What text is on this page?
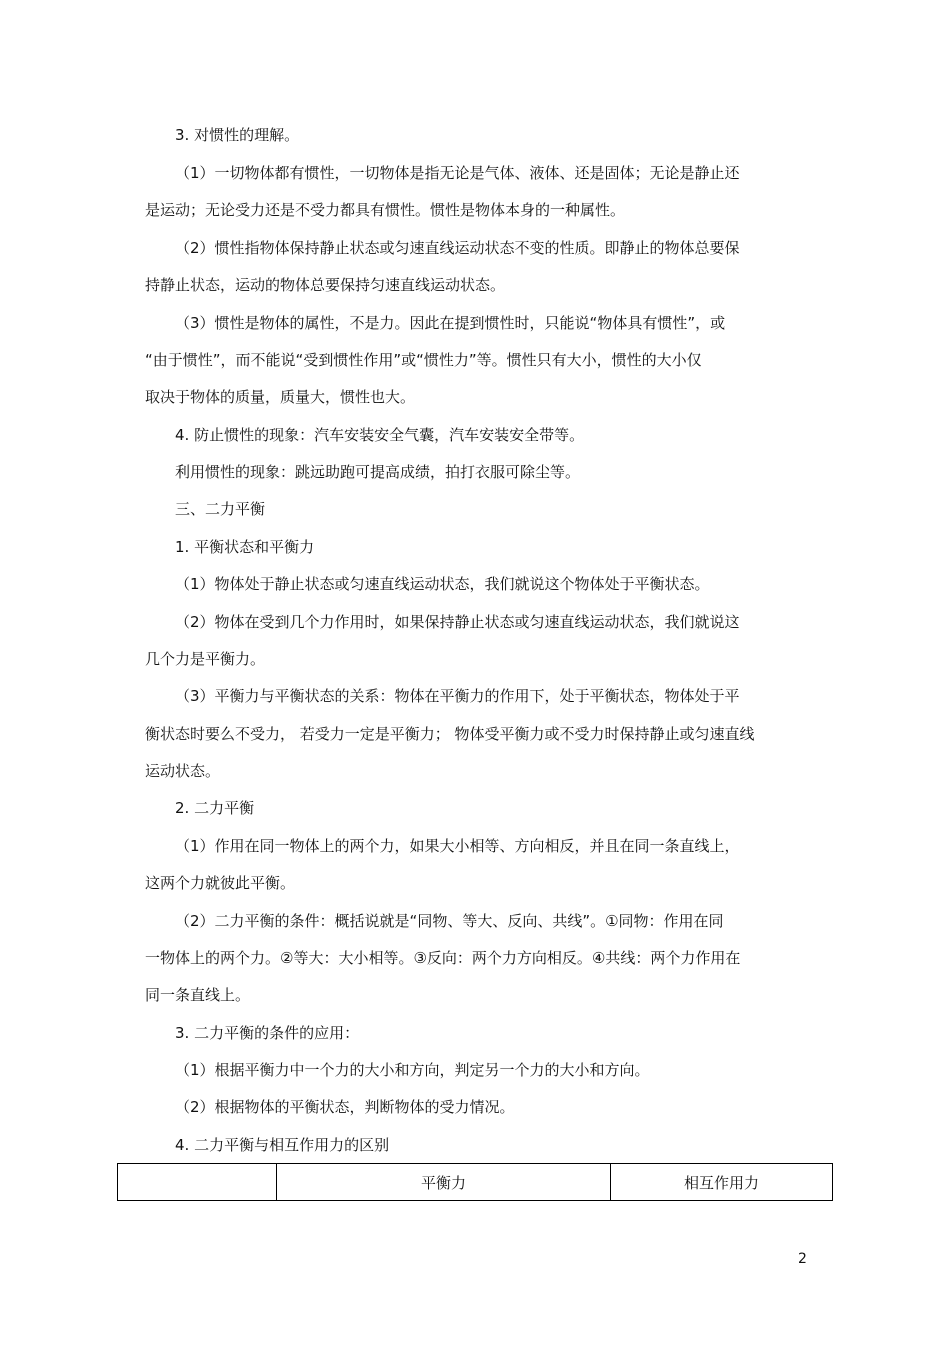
3. 对惯性的理解。
（1）一切物体都有惯性，一切物体是指无论是气体、液体、还是固体；无论是静止还
是运动；无论受力还是不受力都具有惯性。惯性是物体本身的一种属性。
（2）惯性指物体保持静止状态或匀速直线运动状态不变的性质。即静止的物体总要保
持静止状态，运动的物体总要保持匀速直线运动状态。
（3）惯性是物体的属性，不是力。因此在提到惯性时，只能说“物体具有惯性”，或
“由于惯性”，而不能说“受到惯性作用”或“惯性力”等。惯性只有大小，惯性的大小仅
取决于物体的质量，质量大，惯性也大。
4. 防止惯性的现象：汽车安装安全气囊，汽车安装安全带等。
利用惯性的现象：跳远助跑可提高成绩，拍打衣服可除尘等。
三、二力平衡
1. 平衡状态和平衡力
（1）物体处于静止状态或匀速直线运动状态，我们就说这个物体处于平衡状态。
（2）物体在受到几个力作用时，如果保持静止状态或匀速直线运动状态，我们就说这
几个力是平衡力。
（3）平衡力与平衡状态的关系：物体在平衡力的作用下，处于平衡状态，物体处于平
衡状态时要么不受力， 若受力一定是平衡力； 物体受平衡力或不受力时保持静止或匀速直线
运动状态。
2. 二力平衡
（1）作用在同一物体上的两个力，如果大小相等、方向相反，并且在同一条直线上，
这两个力就彼此平衡。
（2）二力平衡的条件：概括说就是“同物、等大、反向、共线”。①同物：作用在同
一物体上的两个力。②等大：大小相等。③反向：两个力方向相反。④共线：两个力作用在
同一条直线上。
3. 二力平衡的条件的应用：
（1）根据平衡力中一个力的大小和方向，判定另一个力的大小和方向。
（2）根据物体的平衡状态，判断物体的受力情况。
4. 二力平衡与相互作用力的区别
	平衡力	相互作用力
2
